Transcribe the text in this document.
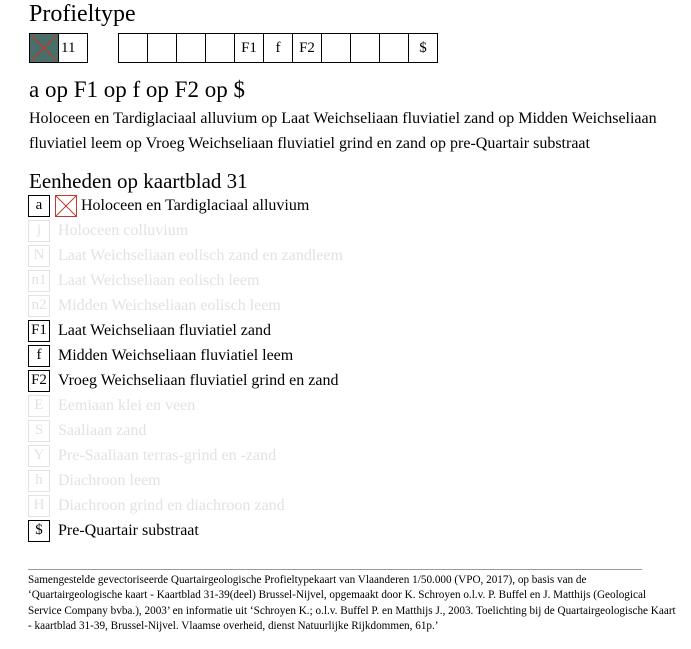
Profieltype
11	F1	f	F2	$
a op F1 op f op F2 op $
Holoceen en Tardiglaciaal alluvium op Laat Weichseliaan fluviatiel zand op Midden Weichseliaan fluviatiel leem op Vroeg Weichseliaan fluviatiel grind en zand op pre-Quartair substraat
Eenheden op kaartblad 31
a	Holoceen en Tardiglaciaal alluvium
j	Holoceen colluvium
N Laat Weichseliaan eolisch zand en zandleem
n1 Laat Weichseliaan eolisch leem
n2 Midden Weichseliaan eolisch leem
F1 Laat Weichseliaan fluviatiel zand
f	Midden Weichseliaan fluviatiel leem
F2 Vroeg Weichseliaan fluviatiel grind en zand
E Eemiaan klei en veen
S Saaliaan zand
Y Pre-Saaliaan terras-grind en -zand
h Diachroon leem
H Diachroon grind en diachroon zand
$ Pre-Quartair substraat
Samengestelde gevectoriseerde Quartairgeologische Profieltypekaart van Vlaanderen 1/50.000 (VPO, 2017), op basis van de ‘Quartairgeologische kaart - Kaartblad 31-39(deel) Brussel-Nijvel, opgemaakt door K. Schroyen o.l.v. P. Buffel en J. Matthijs (Geological Service Company bvba.), 2003’ en informatie uit ‘Schroyen K.; o.l.v. Buffel P. en Matthijs J., 2003. Toelichting bij de Quartairgeologische Kaart - kaartblad 31-39, Brussel-Nijvel. Vlaamse overheid, dienst Natuurlijke Rijkdommen, 61p.’
